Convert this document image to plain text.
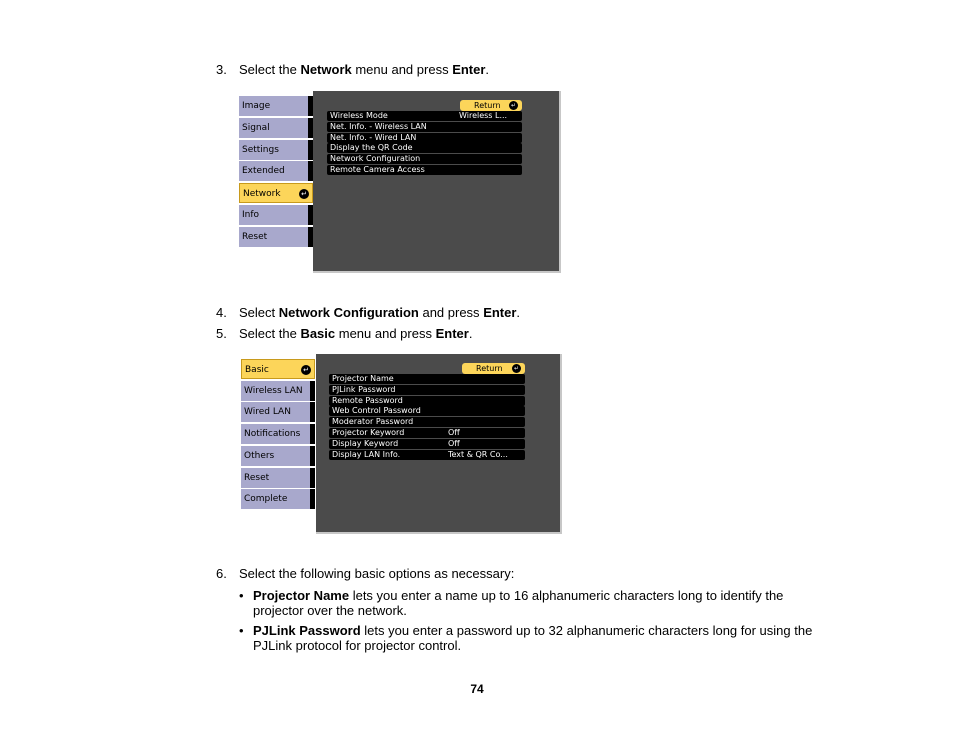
3. Select the Network menu and press Enter.
Return	↵
Image
Signal
Settings
Extended
Network	↵
Info
Reset
Wireless Mode	Wireless L...
Net. Info. - Wireless LAN
Net. Info. - Wired LAN
Display the QR Code
Network Configuration
Remote Camera Access
4. Select Network Configuration and press Enter.
5. Select the Basic menu and press Enter.
Return	↵
Basic	↵
Wireless LAN
Wired LAN
Notifications
Others
Reset
Complete
Projector Name
PJLink Password
Remote Password
Web Control Password
Moderator Password
Projector Keyword	Off
Display Keyword	Off
Display LAN Info.	Text & QR Co...
6. Select the following basic options as necessary:
• Projector Name lets you enter a name up to 16 alphanumeric characters long to identify the projector over the network.
• PJLink Password lets you enter a password up to 32 alphanumeric characters long for using the PJLink protocol for projector control.
74
